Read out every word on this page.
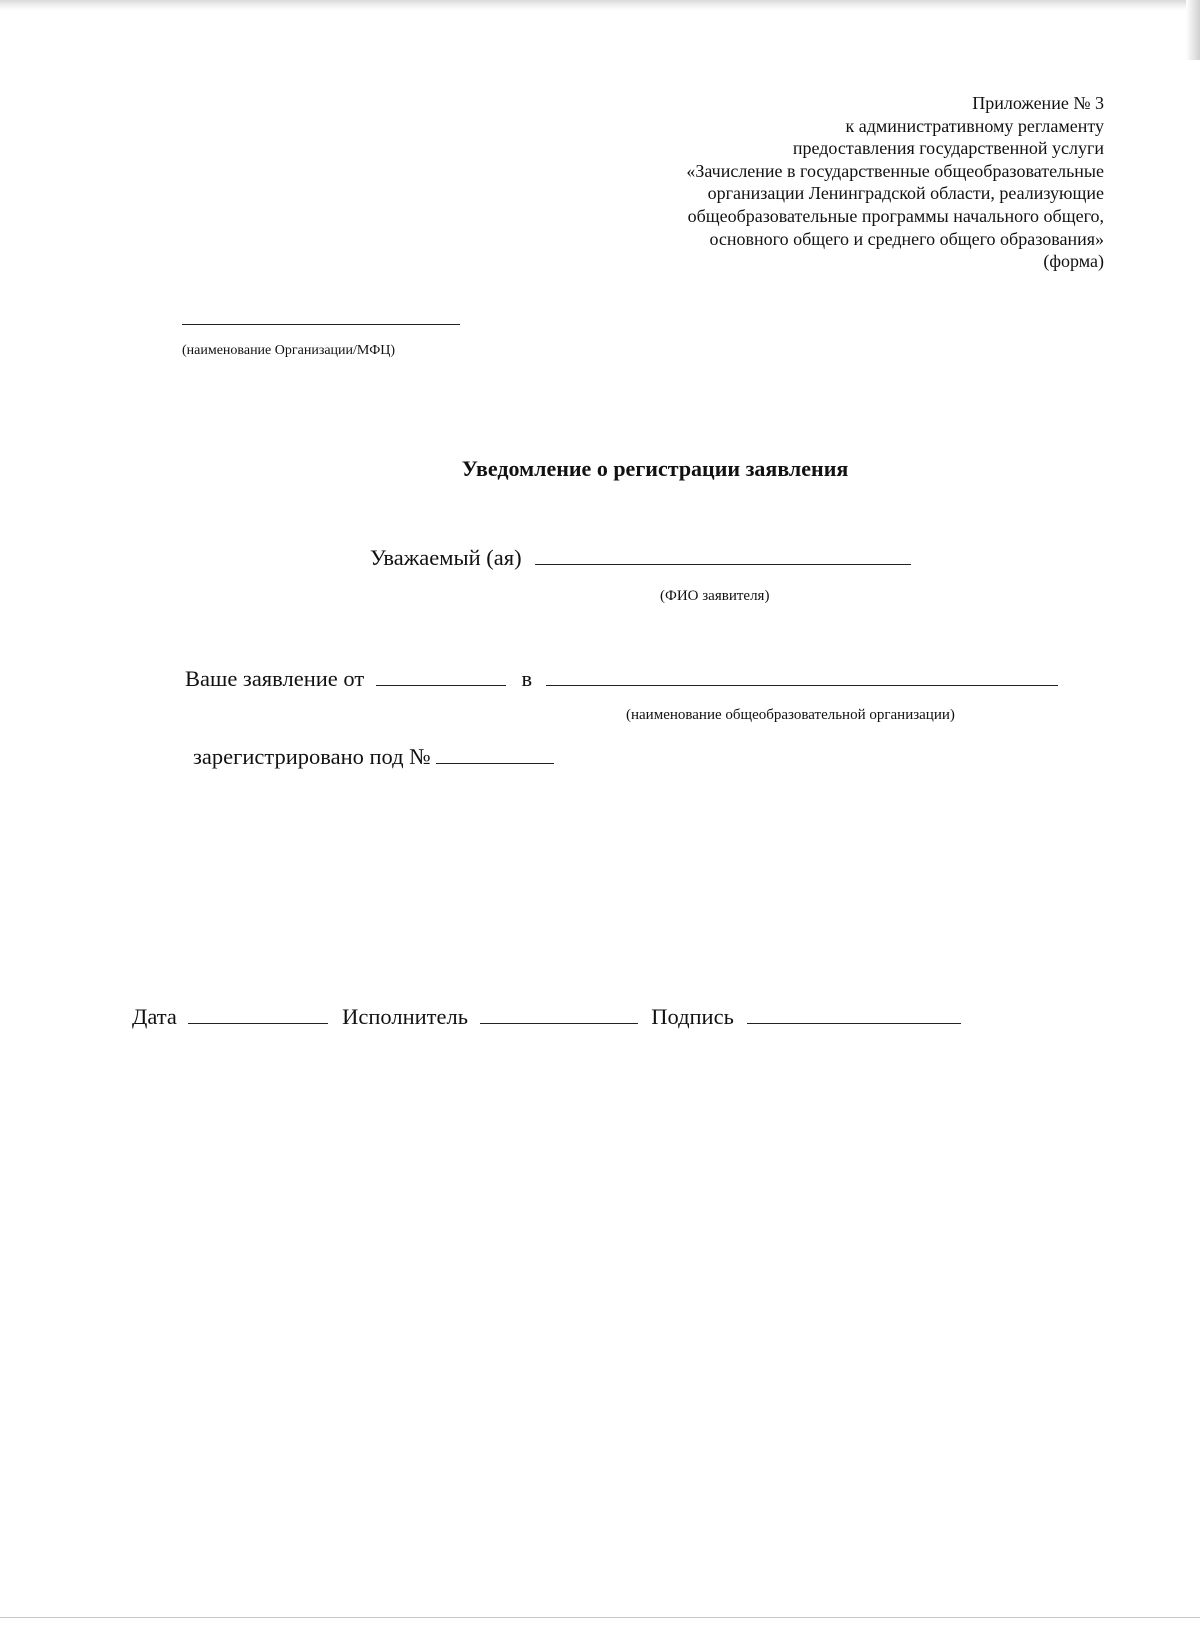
Приложение № 3
к административному регламенту
предоставления государственной услуги
«Зачисление в государственные общеобразовательные
организации Ленинградской области, реализующие
общеобразовательные программы начального общего,
основного общего и среднего общего образования»
(форма)
(наименование Организации/МФЦ)
Уведомление о регистрации заявления
Уважаемый (ая)
(ФИО заявителя)
Ваше заявление от	в
(наименование общеобразовательной организации)
зарегистрировано под №
Дата	Исполнитель	Подпись
